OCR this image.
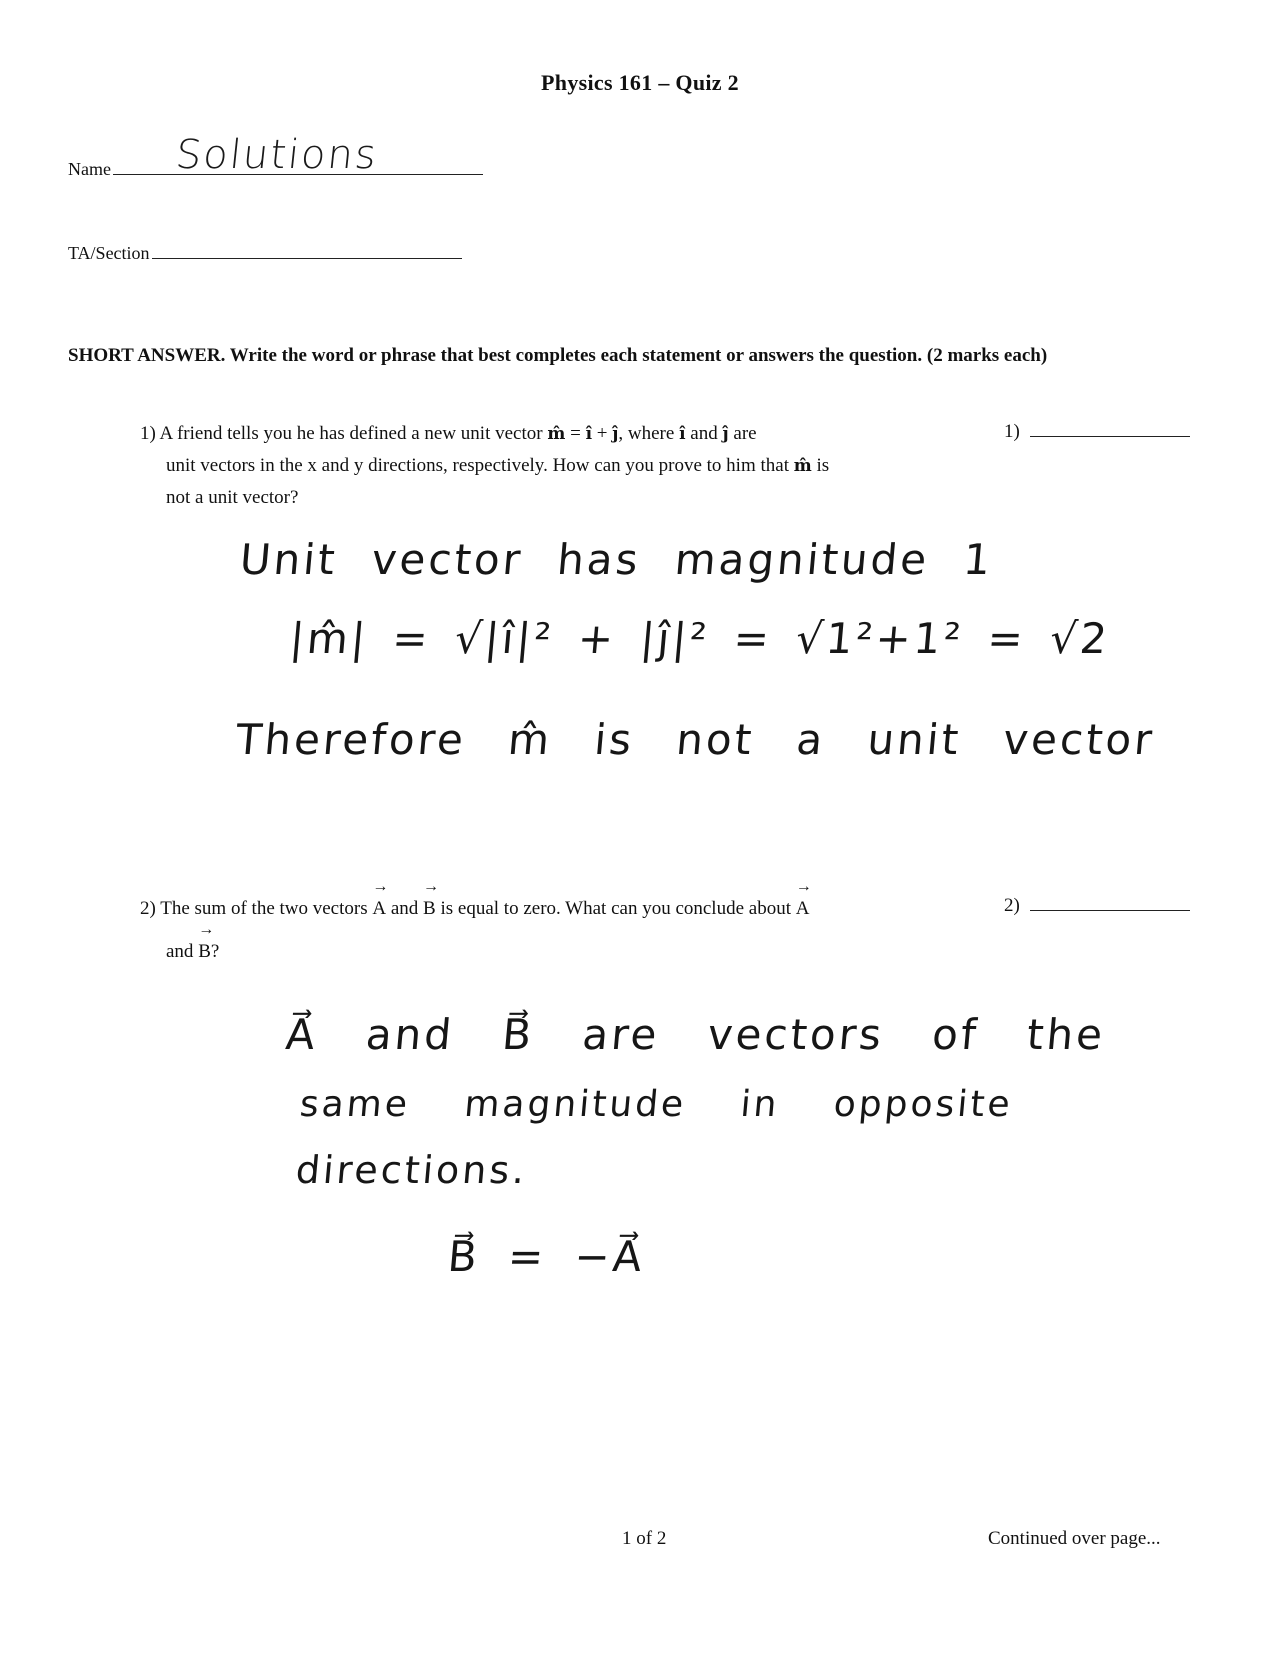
Physics 161 – Quiz 2
Name	Solutions
TA/Section
SHORT ANSWER. Write the word or phrase that best completes each statement or answers the question. (2 marks each)
1) A friend tells you he has defined a new unit vector m̂ = î + ĵ, where î and ĵ are
unit vectors in the x and y directions, respectively. How can you prove to him that m̂ is
not a unit vector?
1)
Unit vector has magnitude 1
|m̂| = √|î|² + |ĵ|² = √1²+1² = √2
Therefore m̂ is not a unit vector
2) The sum of the two vectors
→
A and
→
B is equal to zero. What can you conclude about
→
A
and
→
B?
2)
A⃗ and B⃗ are vectors of the
same magnitude in opposite
directions.
B⃗ = −A⃗
1 of 2	Continued over page...
